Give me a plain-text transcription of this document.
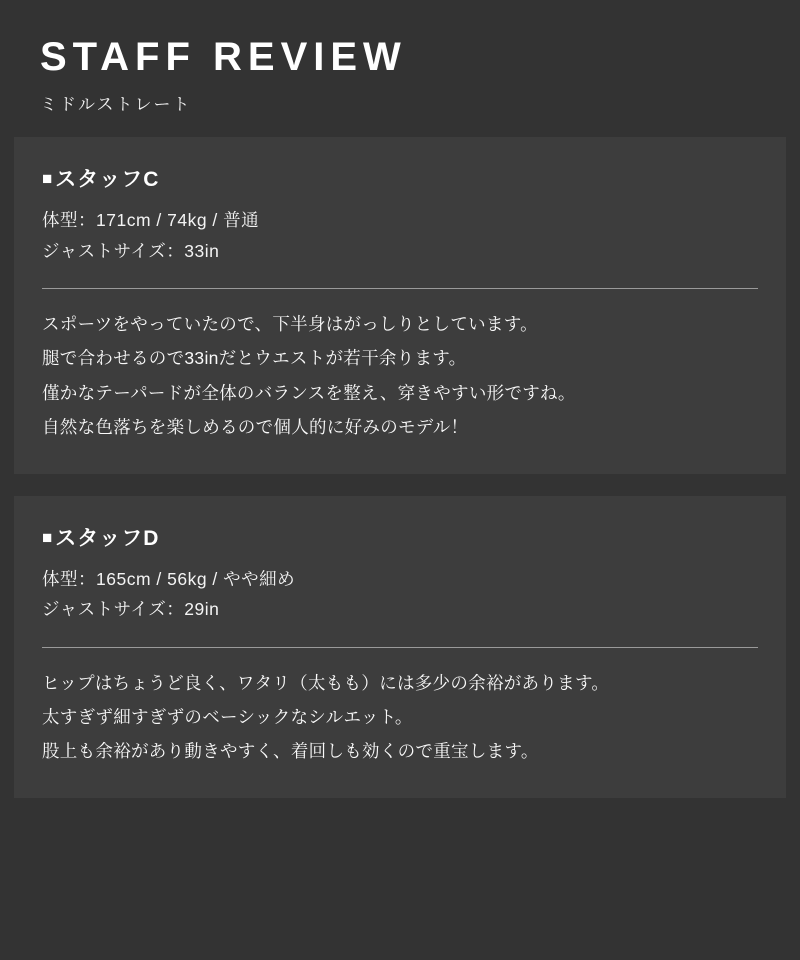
STAFF REVIEW
ミドルストレート
■スタッフC
体型：171cm / 74kg / 普通
ジャストサイズ：33in
スポーツをやっていたので、下半身はがっしりとしています。
腿で合わせるので33inだとウエストが若干余ります。
僅かなテーパードが全体のバランスを整え、穿きやすい形ですね。
自然な色落ちを楽しめるので個人的に好みのモデル！
■スタッフD
体型：165cm / 56kg / やや細め
ジャストサイズ：29in
ヒップはちょうど良く、ワタリ（太もも）には多少の余裕があります。
太すぎず細すぎずのベーシックなシルエット。
股上も余裕があり動きやすく、着回しも効くので重宝します。
